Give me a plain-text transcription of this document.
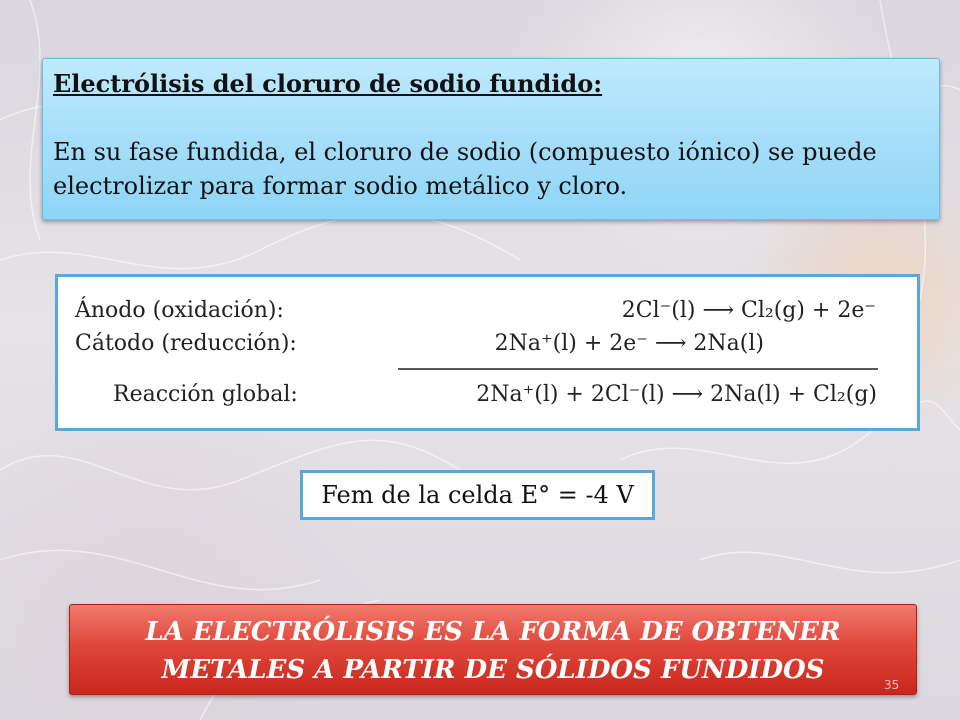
Electrólisis del cloruro de sodio fundido:
En su fase fundida, el cloruro de sodio (compuesto iónico) se puede electrolizar para formar sodio metálico y cloro.
Ánodo (oxidación):
Cátodo (reducción):
Reacción global:
2Cl⁻(l) ⟶ Cl₂(g) + 2e⁻
2Na⁺(l) + 2e⁻ ⟶ 2Na(l)
2Na⁺(l) + 2Cl⁻(l) ⟶ 2Na(l) + Cl₂(g)
Fem de la celda E° = -4 V
LA ELECTRÓLISIS ES LA FORMA DE OBTENER METALES A PARTIR DE SÓLIDOS FUNDIDOS	35
